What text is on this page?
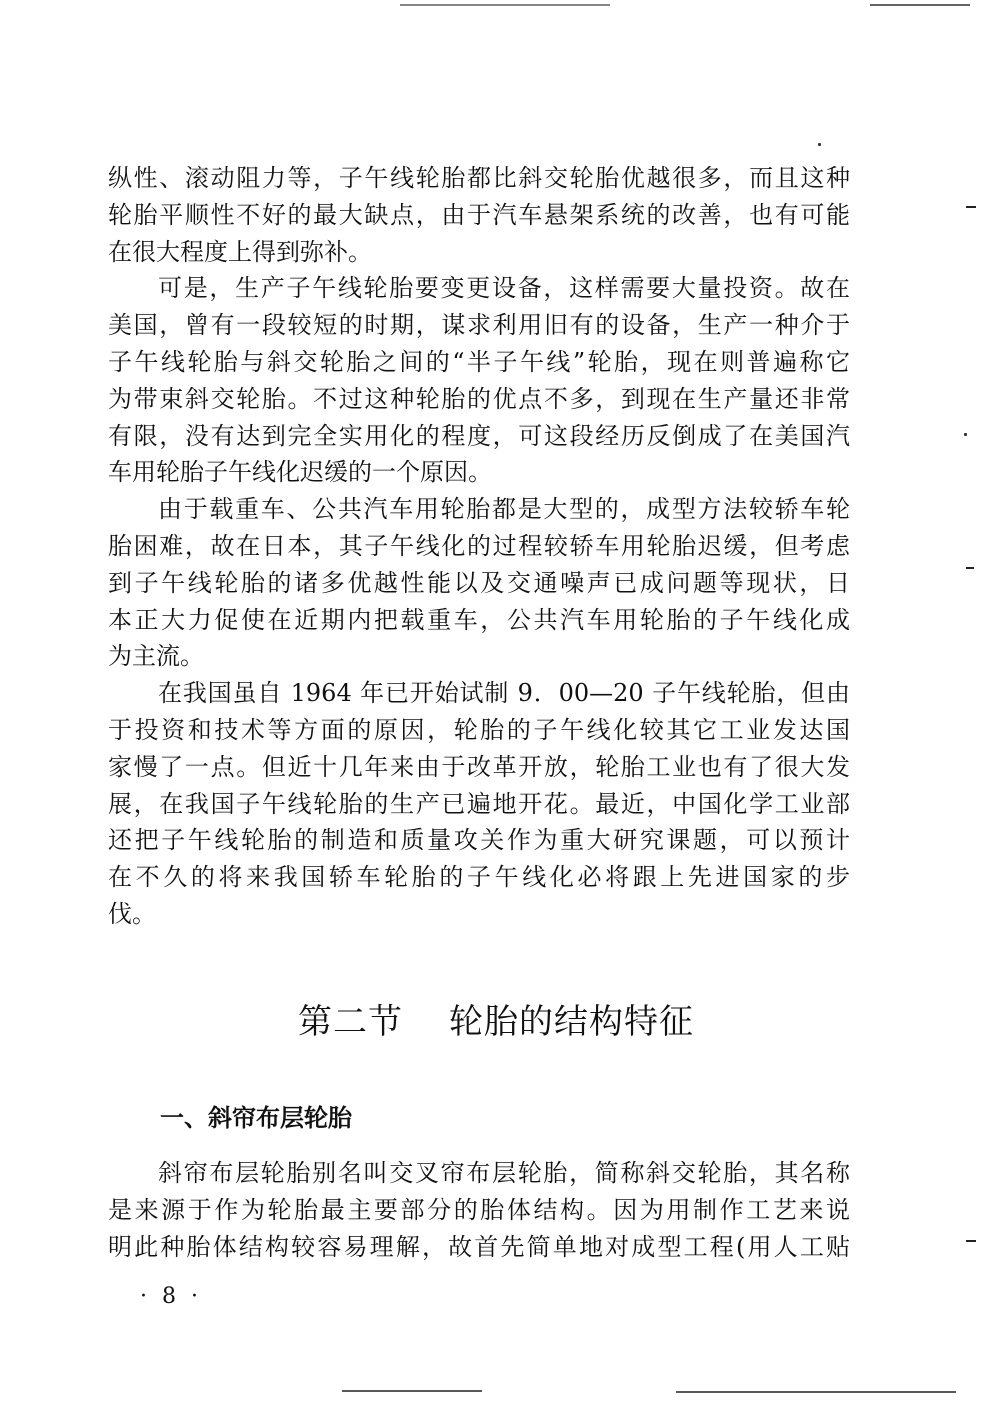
纵性、滚动阻力等，子午线轮胎都比斜交轮胎优越很多，而且这种
轮胎平顺性不好的最大缺点，由于汽车悬架系统的改善，也有可能
在很大程度上得到弥补。
可是，生产子午线轮胎要变更设备，这样需要大量投资。故在
美国，曾有一段较短的时期，谋求利用旧有的设备，生产一种介于
子午线轮胎与斜交轮胎之间的“半子午线”轮胎，现在则普遍称它
为带束斜交轮胎。不过这种轮胎的优点不多，到现在生产量还非常
有限，没有达到完全实用化的程度，可这段经历反倒成了在美国汽
车用轮胎子午线化迟缓的一个原因。
由于载重车、公共汽车用轮胎都是大型的，成型方法较轿车轮
胎困难，故在日本，其子午线化的过程较轿车用轮胎迟缓，但考虑
到子午线轮胎的诸多优越性能以及交通噪声已成问题等现状，日
本正大力促使在近期内把载重车，公共汽车用轮胎的子午线化成
为主流。
在我国虽自 1964 年已开始试制 9．00—20 子午线轮胎，但由
于投资和技术等方面的原因，轮胎的子午线化较其它工业发达国
家慢了一点。但近十几年来由于改革开放，轮胎工业也有了很大发
展，在我国子午线轮胎的生产已遍地开花。最近，中国化学工业部
还把子午线轮胎的制造和质量攻关作为重大研究课题，可以预计
在不久的将来我国轿车轮胎的子午线化必将跟上先进国家的步
伐。
第二节 轮胎的结构特征
一、斜帘布层轮胎
斜帘布层轮胎别名叫交叉帘布层轮胎，简称斜交轮胎，其名称
是来源于作为轮胎最主要部分的胎体结构。因为用制作工艺来说
明此种胎体结构较容易理解，故首先简单地对成型工程(用人工贴
· 8 ·
